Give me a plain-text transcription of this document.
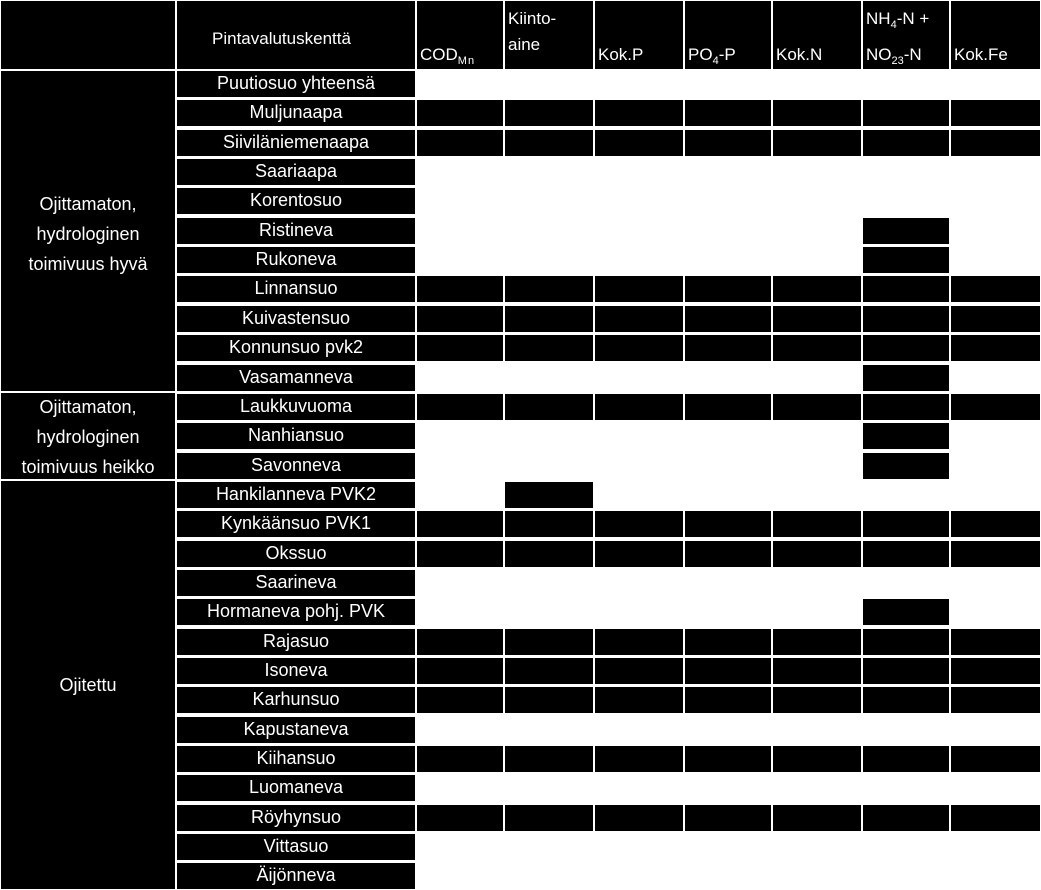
Pintavalutuskenttä
$COD_{Mn}$
Kiinto-
aine
Kok.P	$PO_4-P$ Kok.N
$NH_4-N$ +
$NO_{23}-N$ Kok.Fe
Ojittamaton, hydrologinen toimivuus hyvä
Ojittamaton, hydrologinen toimivuus heikko
Ojitettu
Puutiosuo yhteensä
Muljunaapa
Siiviläniemenaapa
Saariaapa
Korentosuo
Ristineva
Rukoneva
Linnansuo
Kuivastensuo
Konnunsuo pvk2
Vasamanneva
Laukkuvuoma
Nanhiansuo
Savonneva
Hankilanneva PVK2
Kynkäänsuo PVK1
Okssuo
Saarineva
Hormaneva pohj. PVK
Rajasuo
Isoneva
Karhunsuo
Kapustaneva
Kiihansuo
Luomaneva
Röyhynsuo
Vittasuo
Äijönneva
